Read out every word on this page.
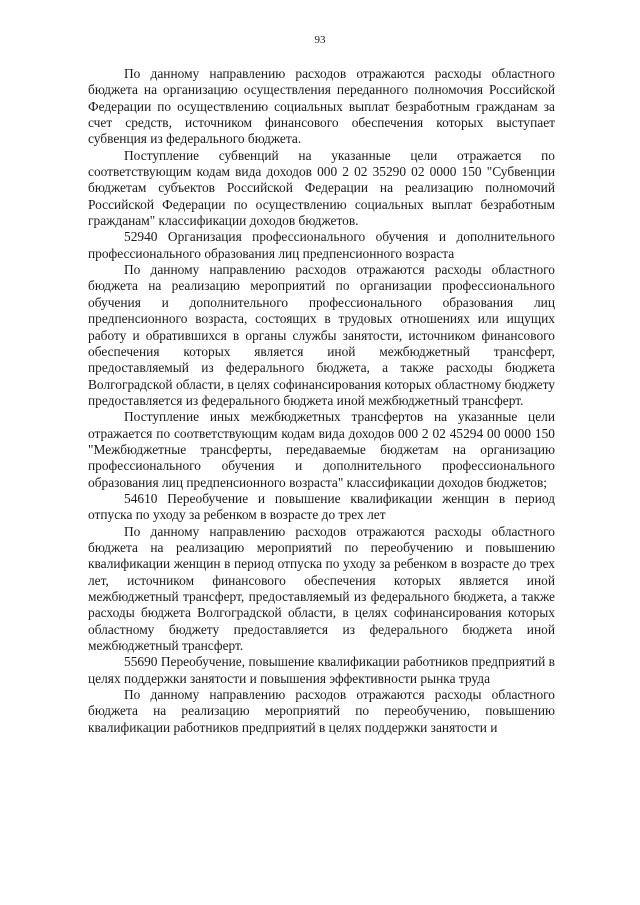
93

По данному направлению расходов отражаются расходы областного бюджета на организацию осуществления переданного полномочия Российской Федерации по осуществлению социальных выплат безработным гражданам за счет средств, источником финансового обеспечения которых выступает субвенция из федерального бюджета.

Поступление субвенций на указанные цели отражается по соответствующим кодам вида доходов 000 2 02 35290 02 0000 150 "Субвенции бюджетам субъектов Российской Федерации на реализацию полномочий Российской Федерации по осуществлению социальных выплат безработным гражданам" классификации доходов бюджетов.

52940 Организация профессионального обучения и дополнительного профессионального образования лиц предпенсионного возраста

По данному направлению расходов отражаются расходы областного бюджета на реализацию мероприятий по организации профессионального обучения и дополнительного профессионального образования лиц предпенсионного возраста, состоящих в трудовых отношениях или ищущих работу и обратившихся в органы службы занятости, источником финансового обеспечения которых является иной межбюджетный трансферт, предоставляемый из федерального бюджета, а также расходы бюджета Волгоградской области, в целях софинансирования которых областному бюджету предоставляется из федерального бюджета иной межбюджетный трансферт.

Поступление иных межбюджетных трансфертов на указанные цели отражается по соответствующим кодам вида доходов 000 2 02 45294 00 0000 150 "Межбюджетные трансферты, передаваемые бюджетам на организацию профессионального обучения и дополнительного профессионального образования лиц предпенсионного возраста" классификации доходов бюджетов;

54610 Переобучение и повышение квалификации женщин в период отпуска по уходу за ребенком в возрасте до трех лет

По данному направлению расходов отражаются расходы областного бюджета на реализацию мероприятий по переобучению и повышению квалификации женщин в период отпуска по уходу за ребенком в возрасте до трех лет, источником финансового обеспечения которых является иной межбюджетный трансферт, предоставляемый из федерального бюджета, а также расходы бюджета Волгоградской области, в целях софинансирования которых областному бюджету предоставляется из федерального бюджета иной межбюджетный трансферт.

55690 Переобучение, повышение квалификации работников предприятий в целях поддержки занятости и повышения эффективности рынка труда

По данному направлению расходов отражаются расходы областного бюджета на реализацию мероприятий по переобучению, повышению квалификации работников предприятий в целях поддержки занятости и
